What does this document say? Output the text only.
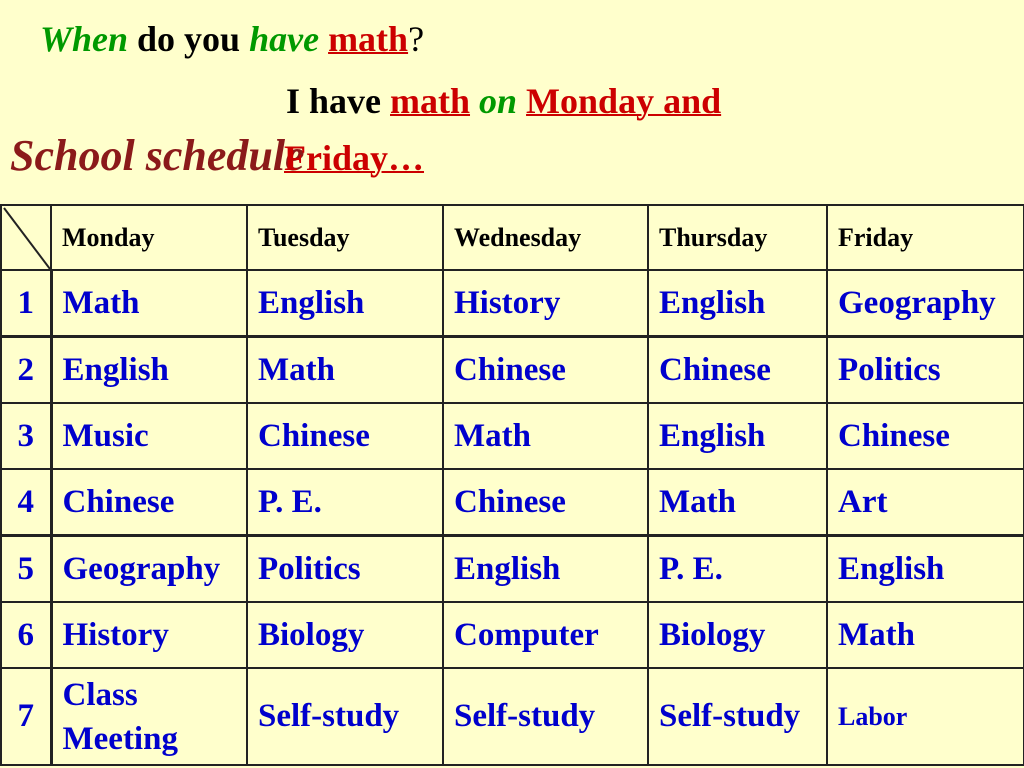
When do you have math?
I have math on Monday and
School schedule
Friday…
	Monday	Tuesday	Wednesday	Thursday	Friday
1	Math	English	History	English	Geography
2	English	Math	Chinese	Chinese	Politics
3	Music	Chinese	Math	English	Chinese
4	Chinese	P. E.	Chinese	Math	Art
5	Geography	Politics	English	P. E.	English
6	History	Biology	Computer	Biology	Math
7	Class Meeting	Self-study	Self-study	Self-study	Labor
